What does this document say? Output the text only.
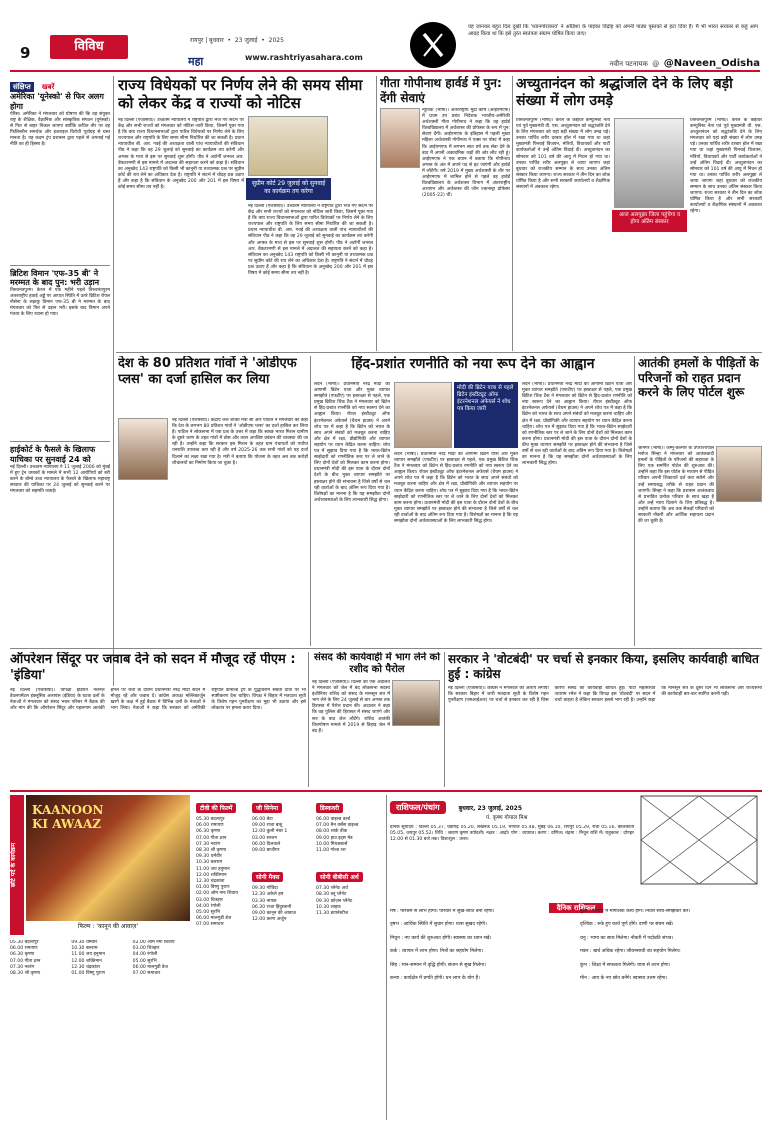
9	विविध	रायपुर | बुधवार  •  23 जुलाई  •  2025
महा	www.rashtriyasahara.com
यह जानकर बहुत दिल दुखी कि 'ध्यानगोराकाव' ने ओडिशा के पाइका विद्रोह को अपनी पाठ्य पुस्तकों से हटा दिया है। मैं भी भारत सरकार से कहूं आप आग्रह किया था कि इसे तुरंत स्वतंत्रता संग्राम घोषित किया जाए।
नवीन पटनायक  @  @Naveen_Odisha
संक्षिप्त खबरें
अमेरिका 'यूनेस्को' से फिर अलग होगा
पेरिस। अमेरिका ने मंगलवार को घोषणा की कि वह संयुक्त राष्ट्र के शैक्षिक, वैज्ञानिक और सांस्कृतिक संगठन (यूनेस्को) से फिर से बाहर निकल जाएगा क्योंकि कथित तौर पर वह फिलिस्तीन समर्थक और इजराइल विरोधी पूर्वाग्रह से ग्रस्त मानता है। यह कदम ट्रंप प्रशासन द्वारा पहले से अपनाई गई नीति का ही हिस्सा है।
ब्रिटिश विमान 'एफ-35 बी' ने मरम्मत के बाद पुन: भरी उड़ान
तिरुवनंतपुरम। केरल में एक महीने पहले तिरुवनंतपुरम अंतरराष्ट्रीय हवाई अड्डे पर आपात स्थिति में उतरे ब्रिटिश रॉयल नौसेना के लड़ाकू विमान एफ-35 बी ने मरम्मत के बाद मंगलवार को फिर से उड़ान भरी। इसके बाद विमान अपने गंतव्य के लिए रवाना हो गया।
हाईकोर्ट के फैसले के खिलाफ याचिका पर सुनवाई 24 को
नई दिल्ली। उच्चतम न्यायालय ने 11 जुलाई 2006 को मुंबई में हुए ट्रेन धमाकों के मामले में सभी 12 आरोपियों को बरी करने के बॉम्बे उच्च न्यायालय के फैसले के खिलाफ महाराष्ट्र सरकार की याचिका पर 24 जुलाई को सुनवाई करने पर मंगलवार को सहमति जताई।
राज्य विधेयकों पर निर्णय लेने की समय सीमा को लेकर केंद्र व राज्यों को नोटिस
सुप्रीम कोर्ट 29 जुलाई को सुनवाई का कार्यक्रम तय करेगा
नई दिल्ली (एजेंसियां)। उच्चतम न्यायालय ने राष्ट्रपति द्वारा भेजे गए संदर्भ पर केंद्र और सभी राज्यों को मंगलवार को नोटिस जारी किया, जिसमें पूछा गया है कि क्या राज्य विधानसभाओं द्वारा पारित विधेयकों पर निर्णय लेने के लिए राज्यपाल और राष्ट्रपति के लिए समय सीमा निर्धारित की जा सकती है। प्रधान न्यायाधीश बी. आर. गवई की अध्यक्षता वाली पांच न्यायाधीशों की संविधान पीठ ने कहा कि वह 29 जुलाई को सुनवाई का कार्यक्रम तय करेगी और अगस्त के मध्य से इस पर सुनवाई शुरू होगी। पीठ ने अटॉर्नी जनरल आर. वेंकटरमणी से इस मामले में अदालत की सहायता करने को कहा है। संविधान का अनुच्छेद 143 राष्ट्रपति को किसी भी कानूनी या तथ्यात्मक प्रश्न पर सुप्रीम कोर्ट की राय लेने का अधिकार देता है। राष्ट्रपति ने संदर्भ में चौदह प्रश्न उठाए हैं और कहा है कि संविधान के अनुच्छेद 200 और 201 में इस विषय में कोई समय सीमा तय नहीं है।
नई दिल्ली (एजेंसियां)। उच्चतम न्यायालय ने राष्ट्रपति द्वारा भेजे गए संदर्भ पर केंद्र और सभी राज्यों को मंगलवार को नोटिस जारी किया, जिसमें पूछा गया है कि क्या राज्य विधानसभाओं द्वारा पारित विधेयकों पर निर्णय लेने के लिए राज्यपाल और राष्ट्रपति के लिए समय सीमा निर्धारित की जा सकती है। प्रधान न्यायाधीश बी. आर. गवई की अध्यक्षता वाली पांच न्यायाधीशों की संविधान पीठ ने कहा कि वह 29 जुलाई को सुनवाई का कार्यक्रम तय करेगी और अगस्त के मध्य से इस पर सुनवाई शुरू होगी। पीठ ने अटॉर्नी जनरल आर. वेंकटरमणी से इस मामले में अदालत की सहायता करने को कहा है। संविधान का अनुच्छेद 143 राष्ट्रपति को किसी भी कानूनी या तथ्यात्मक प्रश्न पर सुप्रीम कोर्ट की राय लेने का अधिकार देता है। राष्ट्रपति ने संदर्भ में चौदह प्रश्न उठाए हैं और कहा है कि संविधान के अनुच्छेद 200 और 201 में इस विषय में कोई समय सीमा तय नहीं है।
गीता गोपीनाथ हार्वर्ड में पुन: देंगी सेवाएं
न्यूयॉर्क (भाषा)। अंतरराष्ट्रीय मुद्रा कोष (आईएमएफ) में प्रथम उप प्रबंध निदेशक भारतीय-अमेरिकी अर्थशास्त्री गीता गोपीनाथ ने कहा कि वह हार्वर्ड विश्वविद्यालय में अर्थशास्त्र की प्रोफेसर के रूप में पुन: सेवाएं देंगी। आईएमएफ के इतिहास में पहली मुख्य महिला अर्थशास्त्री गोपीनाथ ने एक्स पर पोस्ट में कहा कि आईएमएफ में लगभग सात वर्ष तक सेवा देने के बाद मैं अपनी अकादमिक जड़ों की ओर लौट रही हूं। आईएमएफ ने एक बयान में बताया कि गोपीनाथ अगस्त के अंत में अपने पद से हट जाएंगी और हार्वर्ड में लौटेंगी। वर्ष 2019 में मुख्य अर्थशास्त्री के तौर पर आईएमएफ में शामिल होने से पहले वह हार्वर्ड विश्वविद्यालय के अर्थशास्त्र विभाग में अंतरराष्ट्रीय अध्ययन और अर्थशास्त्र की जॉन ज्वानस्ट्रा प्रोफेसर (2005-22) थीं।
अच्युतानंदन को श्रद्धांजलि देने के लिए बड़ी संख्या में लोग उमड़े
आज अलपुझा जिला पहुंचेगा व होगा अंतिम संस्कार
तिरुवनंतपुरम (भाषा)। केरल के कद्दावर कम्युनिस्ट नेता एवं पूर्व मुख्यमंत्री वी. एस. अच्युतानंदन को श्रद्धांजलि देने के लिए मंगलवार को यहां बड़ी संख्या में लोग उमड़ पड़े। उनका पार्थिव शरीर दरबार हॉल में रखा गया था जहां मुख्यमंत्री पिनराई विजयन, मंत्रियों, विधायकों और पार्टी कार्यकर्ताओं ने उन्हें अंतिम विदाई दी। अच्युतानंदन का सोमवार को 101 वर्ष की आयु में निधन हो गया था। उनका पार्थिव शरीर अलपुझा ले जाया जाएगा जहां बुधवार को राजकीय सम्मान के साथ उनका अंतिम संस्कार किया जाएगा। राज्य सरकार ने तीन दिन का शोक घोषित किया है और सभी सरकारी कार्यालयों व शैक्षणिक संस्थानों में अवकाश रहेगा।
तिरुवनंतपुरम (भाषा)। केरल के कद्दावर कम्युनिस्ट नेता एवं पूर्व मुख्यमंत्री वी. एस. अच्युतानंदन को श्रद्धांजलि देने के लिए मंगलवार को यहां बड़ी संख्या में लोग उमड़ पड़े। उनका पार्थिव शरीर दरबार हॉल में रखा गया था जहां मुख्यमंत्री पिनराई विजयन, मंत्रियों, विधायकों और पार्टी कार्यकर्ताओं ने उन्हें अंतिम विदाई दी। अच्युतानंदन का सोमवार को 101 वर्ष की आयु में निधन हो गया था। उनका पार्थिव शरीर अलपुझा ले जाया जाएगा जहां बुधवार को राजकीय सम्मान के साथ उनका अंतिम संस्कार किया जाएगा। राज्य सरकार ने तीन दिन का शोक घोषित किया है और सभी सरकारी कार्यालयों व शैक्षणिक संस्थानों में अवकाश रहेगा।
देश के 80 प्रतिशत गांवों ने 'ओडीएफ प्लस' का दर्जा हासिल कर लिया
नई दिल्ली (एजेंसियां)। केंद्रीय जल शक्ति मंत्री सी आर पाटिल ने मंगलवार को कहा कि देश के लगभग 80 प्रतिशत गांवों ने 'ओडीएफ प्लस' का दर्जा हासिल कर लिया है। पाटिल ने लोकसभा में एक प्रश्न के उत्तर में कहा कि स्वच्छ भारत मिशन ग्रामीण के दूसरे चरण के तहत गांवों में ठोस और तरल अपशिष्ट प्रबंधन की व्यवस्था की जा रही है। उन्होंने कहा कि सरकार इस मिशन के तहत ग्राम पंचायतों को पर्याप्त धनराशि उपलब्ध करा रही है और वर्ष 2025-26 तक सभी गांवों को यह दर्जा दिलाने का लक्ष्य रखा गया है। मंत्री ने बताया कि योजना के तहत अब तक करोड़ों शौचालयों का निर्माण किया जा चुका है।
हिंद-प्रशांत रणनीति को नया रूप देने का आह्वान
मोदी की ब्रिटेन यात्रा से पहले ब्रिटेन इंस्टीट्यूट ऑफ इंटरनेशनल अफेयर्स ने शोध पत्र किया जारी
लंदन (भाषा)। प्रधानमंत्री नरेंद्र मोदी की आगामी ब्रिटेन यात्रा और मुक्त व्यापार समझौते (एफटीए) पर हस्ताक्षर से पहले, एक प्रमुख ब्रिटिश थिंक टैंक ने मंगलवार को ब्रिटेन से हिंद-प्रशांत रणनीति को नया स्वरूप देने का आह्वान किया। रॉयल इंस्टीट्यूट ऑफ इंटरनेशनल अफेयर्स (चैथम हाउस) ने अपने शोध पत्र में कहा है कि ब्रिटेन को भारत के साथ अपने संबंधों को मजबूत करना चाहिए और क्षेत्र में रक्षा, प्रौद्योगिकी और व्यापार सहयोग पर ध्यान केंद्रित करना चाहिए। शोध पत्र में सुझाव दिया गया है कि भारत-ब्रिटेन साझेदारी को रणनीतिक स्तर पर ले जाने के लिए दोनों देशों को मिलकर काम करना होगा। प्रधानमंत्री मोदी की इस यात्रा के दौरान दोनों देशों के बीच मुक्त व्यापार समझौते पर हस्ताक्षर होने की संभावना है जिसे वर्षों से चल रही वार्ताओं के बाद अंतिम रूप दिया गया है। विशेषज्ञों का मानना है कि यह समझौता दोनों अर्थव्यवस्थाओं के लिए लाभकारी सिद्ध होगा।
लंदन (भाषा)। प्रधानमंत्री नरेंद्र मोदी की आगामी ब्रिटेन यात्रा और मुक्त व्यापार समझौते (एफटीए) पर हस्ताक्षर से पहले, एक प्रमुख ब्रिटिश थिंक टैंक ने मंगलवार को ब्रिटेन से हिंद-प्रशांत रणनीति को नया स्वरूप देने का आह्वान किया। रॉयल इंस्टीट्यूट ऑफ इंटरनेशनल अफेयर्स (चैथम हाउस) ने अपने शोध पत्र में कहा है कि ब्रिटेन को भारत के साथ अपने संबंधों को मजबूत करना चाहिए और क्षेत्र में रक्षा, प्रौद्योगिकी और व्यापार सहयोग पर ध्यान केंद्रित करना चाहिए। शोध पत्र में सुझाव दिया गया है कि भारत-ब्रिटेन साझेदारी को रणनीतिक स्तर पर ले जाने के लिए दोनों देशों को मिलकर काम करना होगा। प्रधानमंत्री मोदी की इस यात्रा के दौरान दोनों देशों के बीच मुक्त व्यापार समझौते पर हस्ताक्षर होने की संभावना है जिसे वर्षों से चल रही वार्ताओं के बाद अंतिम रूप दिया गया है। विशेषज्ञों का मानना है कि यह समझौता दोनों अर्थव्यवस्थाओं के लिए लाभकारी सिद्ध होगा।
लंदन (भाषा)। प्रधानमंत्री नरेंद्र मोदी की आगामी ब्रिटेन यात्रा और मुक्त व्यापार समझौते (एफटीए) पर हस्ताक्षर से पहले, एक प्रमुख ब्रिटिश थिंक टैंक ने मंगलवार को ब्रिटेन से हिंद-प्रशांत रणनीति को नया स्वरूप देने का आह्वान किया। रॉयल इंस्टीट्यूट ऑफ इंटरनेशनल अफेयर्स (चैथम हाउस) ने अपने शोध पत्र में कहा है कि ब्रिटेन को भारत के साथ अपने संबंधों को मजबूत करना चाहिए और क्षेत्र में रक्षा, प्रौद्योगिकी और व्यापार सहयोग पर ध्यान केंद्रित करना चाहिए। शोध पत्र में सुझाव दिया गया है कि भारत-ब्रिटेन साझेदारी को रणनीतिक स्तर पर ले जाने के लिए दोनों देशों को मिलकर काम करना होगा। प्रधानमंत्री मोदी की इस यात्रा के दौरान दोनों देशों के बीच मुक्त व्यापार समझौते पर हस्ताक्षर होने की संभावना है जिसे वर्षों से चल रही वार्ताओं के बाद अंतिम रूप दिया गया है। विशेषज्ञों का मानना है कि यह समझौता दोनों अर्थव्यवस्थाओं के लिए लाभकारी सिद्ध होगा।
आतंकी हमलों के पीड़ितों के परिजनों को राहत प्रदान करने के लिए पोर्टल शुरू
श्रीनगर (भाषा)। जम्मू-कश्मीर के उपराज्यपाल मनोज सिन्हा ने मंगलवार को आतंकवादी हमलों के पीड़ितों के परिजनों की सहायता के लिए एक समर्पित पोर्टल की शुरुआत की। उन्होंने कहा कि इस पोर्टल के माध्यम से पीड़ित परिवार अपनी शिकायतें दर्ज करा सकेंगे और उन्हें समयबद्ध तरीके से राहत प्रदान की जाएगी। सिन्हा ने कहा कि प्रशासन आतंकवाद से प्रभावित प्रत्येक परिवार के साथ खड़ा है और उन्हें न्याय दिलाने के लिए प्रतिबद्ध है। उन्होंने बताया कि अब तक सैकड़ों परिवारों को सरकारी नौकरी और आर्थिक सहायता प्रदान की जा चुकी है।
ऑपरेशन सिंदूर पर जवाब देने को सदन में मौजूद रहें पीएम : 'इंडिया'
नई दिल्ली (एजेंसियां)। विपक्षी इंडियन नेशनल डेवलपमेंटल इंक्लूसिव अलायंस (इंडिया) के घटक दलों के नेताओं ने मंगलवार को संसद भवन परिसर में बैठक की और मांग की कि ऑपरेशन सिंदूर और पहलगाम आतंकी हमले पर चर्चा के दौरान प्रधानमंत्री नरेंद्र मोदी सदन में मौजूद रहें और जवाब दें। कांग्रेस अध्यक्ष मल्लिकार्जुन खरगे के कक्ष में हुई बैठक में विभिन्न दलों के नेताओं ने भाग लिया। नेताओं ने कहा कि सरकार को अमेरिकी राष्ट्रपति डोनाल्ड ट्रंप के युद्धविराम संबंधी दावों पर भी स्पष्टीकरण देना चाहिए। विपक्ष ने बिहार में मतदाता सूची के विशेष गहन पुनरीक्षण का मुद्दा भी उठाया और इसे लोकतंत्र पर हमला करार दिया।
संसद की कार्यवाही में भाग लेने को रशीद को पैरोल
नई दिल्ली (एजेंसियां)। दिल्ली की एक अदालत ने मंगलवार को जेल में बंद लोकसभा सदस्य इंजीनियर राशिद को संसद के मानसून सत्र में भाग लेने के लिए 24 जुलाई से चार अगस्त तक हिरासत में पैरोल प्रदान की। अदालत ने कहा कि वह पुलिस की हिरासत में संसद जाएंगे और सत्र के बाद जेल लौटेंगे। राशिद आतंकी वित्तपोषण मामले में 2019 से तिहाड़ जेल में बंद हैं।
सरकार ने 'वोटबंदी' पर चर्चा से इनकार किया, इसलिए कार्यवाही बाधित हुई : कांग्रेस
नई दिल्ली (एजेंसियां)। कांग्रेस ने मंगलवार को आरोप लगाया कि सरकार बिहार में जारी मतदाता सूची के विशेष गहन पुनरीक्षण (एसआईआर) पर चर्चा से इनकार कर रही है जिस कारण संसद की कार्यवाही बाधित हुई। पार्टी महासचिव जयराम रमेश ने कहा कि विपक्ष इस 'वोटबंदी' पर सदन में चर्चा चाहता है लेकिन सरकार इससे भाग रही है। उन्होंने कहा कि मानसून सत्र के दूसरे दिन भी लोकसभा और राज्यसभा की कार्यवाही बार-बार स्थगित करनी पड़ी।
छोटे पर्दे के कार्यक्रम
KAANOON KI AWAAZ
फिल्म : 'कानून की आवाज़'
टीवी की फिल्में
05.30 बदलापुर
06.00 रामायण
06.30 कृष्णा
07.00 गीता ज्ञान
07.30 नवरंग
08.30 श्री कृष्णा
09.30 धर्मवीर
10.30 बलराम
11.00 जय हनुमान
12.00 शक्तिमान
12.30 चंद्रकांता
01.00 विष्णु पुराण
02.00 ओम नमः शिवाय
03.00 चित्रहार
04.00 रंगोली
05.00 सुरभि
06.00 मालगुडी डेज
07.00 समाचार
जी सिनेमा
06.00 बेटा
09.00 राजा बाबू
12.00 कुली नंबर 1
03.00 साजन
06.00 दिलवाले
09.00 बाजीगर
सोनी मैक्स
09.30 गोविंदा
12.30 अकेले हम
03.30 नायक
06.30 राजा हिंदुस्तानी
09.00 कानून की आवाज़
12.00 करण अर्जुन
डिस्कवरी
06.00 वाइल्ड वर्ल्ड
07.00 मैन वर्सेस वाइल्ड
08.00 शार्क वीक
09.00 हाउ इट्स मेड
10.00 मिथबस्टर्स
11.00 गोल्ड रश
सोनी बीबीसी अर्थ
07.30 प्लैनेट अर्थ
08.30 ब्लू प्लैनेट
09.30 फ्रोज़न प्लैनेट
10.30 लाइफ
11.30 डायनेस्टीज
05.30 बदलापुर
06.00 रामायण
06.30 कृष्णा
07.00 गीता ज्ञान
07.30 नवरंग
08.30 श्री कृष्णा
09.30 धर्मवीर
10.30 बलराम
11.00 जय हनुमान
12.00 शक्तिमान
12.30 चंद्रकांता
01.00 विष्णु पुराण
02.00 ओम नमः शिवाय
03.00 चित्रहार
04.00 रंगोली
05.00 सुरभि
06.00 मालगुडी डेज
07.00 समाचार
राशिफल/पंचांग	बुधवार, 23 जुलाई, 2025
पं. कृष्ण गोपाल मिश्र
दैनिक सूर्योदय : दिल्ली 05.37, चंडीगढ़ 05.20, लखनऊ 05.19, भोपाल 05.48, मुंबई 06.10, रायपुर 05.29, रांची 05.16, कोलकाता 05.05, जयपुर 05.52। तिथि : श्रावण कृष्ण त्रयोदशी। नक्षत्र : आर्द्रा। योग : व्याघात। करण : वणिज। चंद्रमा : मिथुन राशि में। राहुकाल : दोपहर 12.00 से 01.30 बजे तक। दिशाशूल : उत्तर।
दैनिक राशिफल
मेष : परिश्रम से लाभ होगा। परिवार में सुख-शांति बनी रहेगी।
वृषभ : आर्थिक स्थिति में सुधार होगा। यात्रा सुखद रहेगी।
मिथुन : नए कार्य की शुरुआत होगी। स्वास्थ्य का ध्यान रखें।
कर्क : व्यापार में लाभ होगा। मित्रों का सहयोग मिलेगा।
सिंह : मान-सम्मान में वृद्धि होगी। संतान से सुख मिलेगा।
कन्या : कार्यक्षेत्र में प्रगति होगी। धन लाभ के योग हैं।
तुला : परिवार में मांगलिक कार्य होंगे। निवेश सोच-समझकर करें।
वृश्चिक : रुके हुए कार्य पूर्ण होंगे। वाणी पर संयम रखें।
धनु : भाग्य का साथ मिलेगा। नौकरी में पदोन्नति संभव।
मकर : खर्च अधिक रहेगा। जीवनसाथी का सहयोग मिलेगा।
कुंभ : शिक्षा में सफलता मिलेगी। यात्रा से लाभ होगा।
मीन : आय के नए स्रोत बनेंगे। स्वास्थ्य उत्तम रहेगा।
